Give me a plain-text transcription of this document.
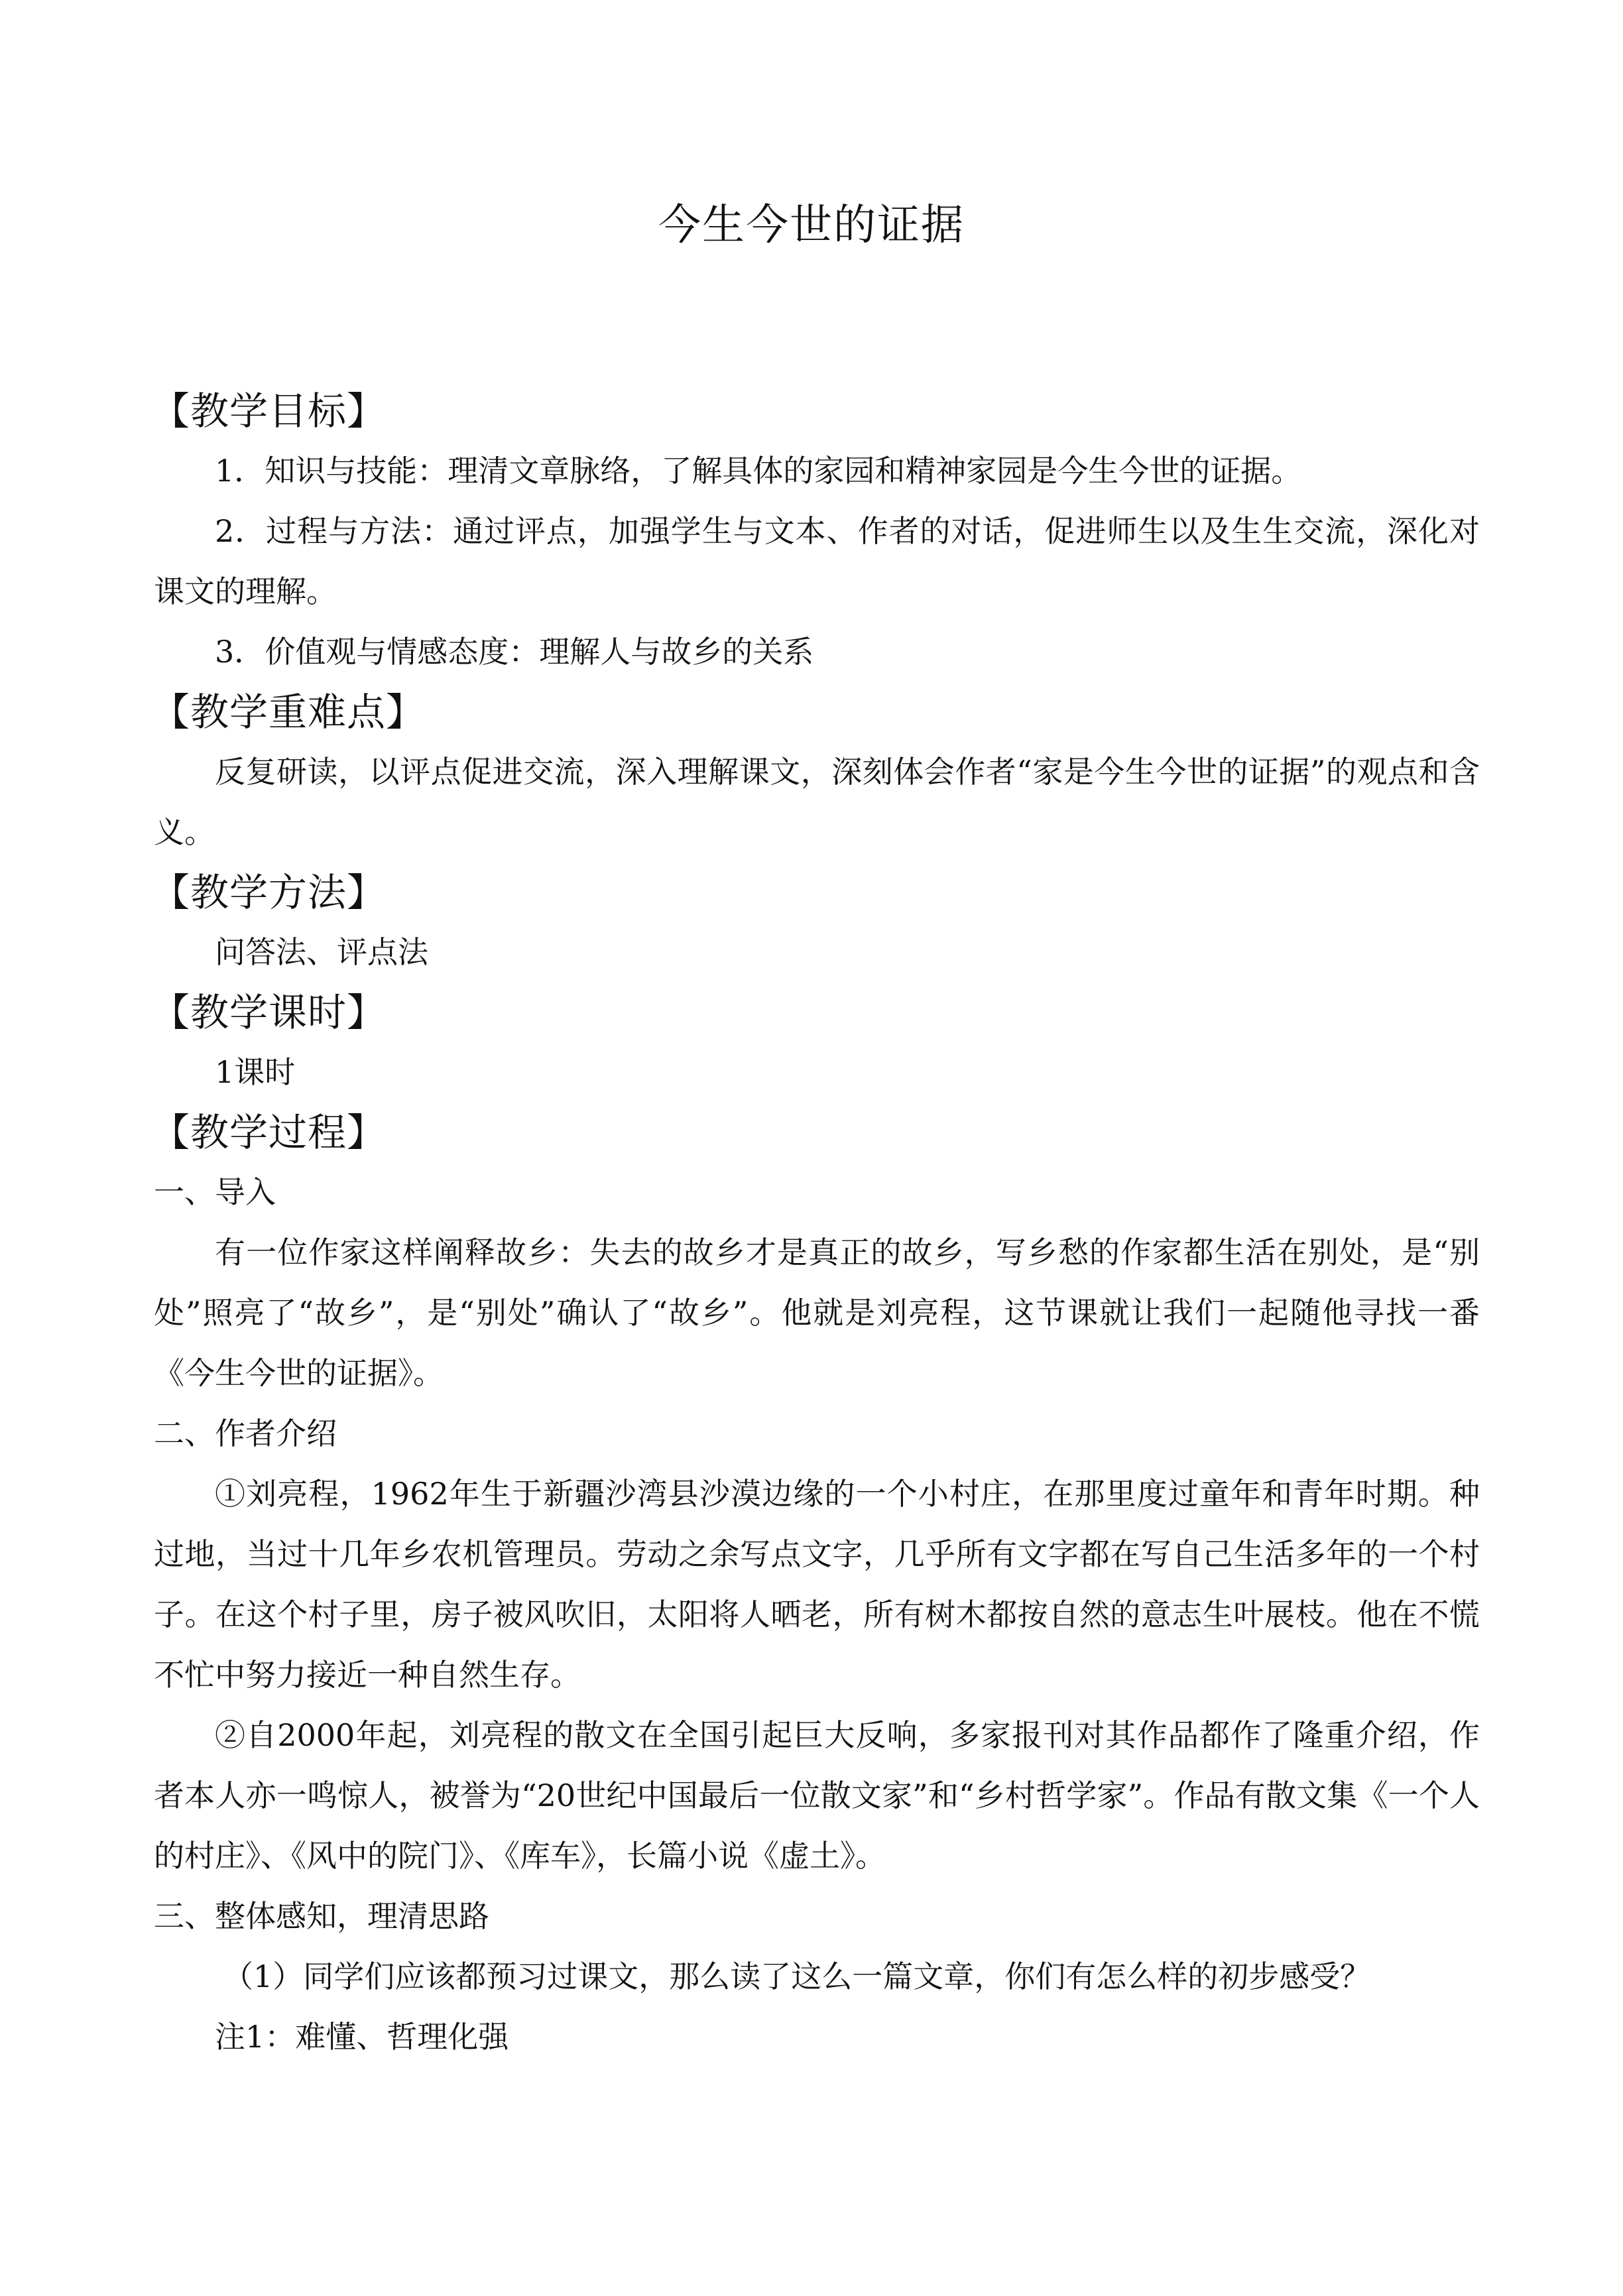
今生今世的证据
【教学目标】

1．知识与技能：理清文章脉络，了解具体的家园和精神家园是今生今世的证据。

2．过程与方法：通过评点，加强学生与文本、作者的对话，促进师生以及生生交流，深化对课文的理解。

3．价值观与情感态度：理解人与故乡的关系

【教学重难点】

反复研读，以评点促进交流，深入理解课文，深刻体会作者“家是今生今世的证据”的观点和含义。

【教学方法】

问答法、评点法

【教学课时】

1课时

【教学过程】
一、导入

有一位作家这样阐释故乡：失去的故乡才是真正的故乡，写乡愁的作家都生活在别处，是“别处”照亮了“故乡”，是“别处”确认了“故乡”。他就是刘亮程，这节课就让我们一起随他寻找一番《今生今世的证据》。

二、作者介绍

①刘亮程，1962年生于新疆沙湾县沙漠边缘的一个小村庄，在那里度过童年和青年时期。种过地，当过十几年乡农机管理员。劳动之余写点文字，几乎所有文字都在写自己生活多年的一个村子。在这个村子里，房子被风吹旧，太阳将人晒老，所有树木都按自然的意志生叶展枝。他在不慌不忙中努力接近一种自然生存。

②自2000年起，刘亮程的散文在全国引起巨大反响，多家报刊对其作品都作了隆重介绍，作者本人亦一鸣惊人，被誉为“20世纪中国最后一位散文家”和“乡村哲学家”。作品有散文集《一个人的村庄》、《风中的院门》、《库车》，长篇小说《虚土》。

三、整体感知，理清思路

（1）同学们应该都预习过课文，那么读了这么一篇文章，你们有怎么样的初步感受？

注1：难懂、哲理化强
